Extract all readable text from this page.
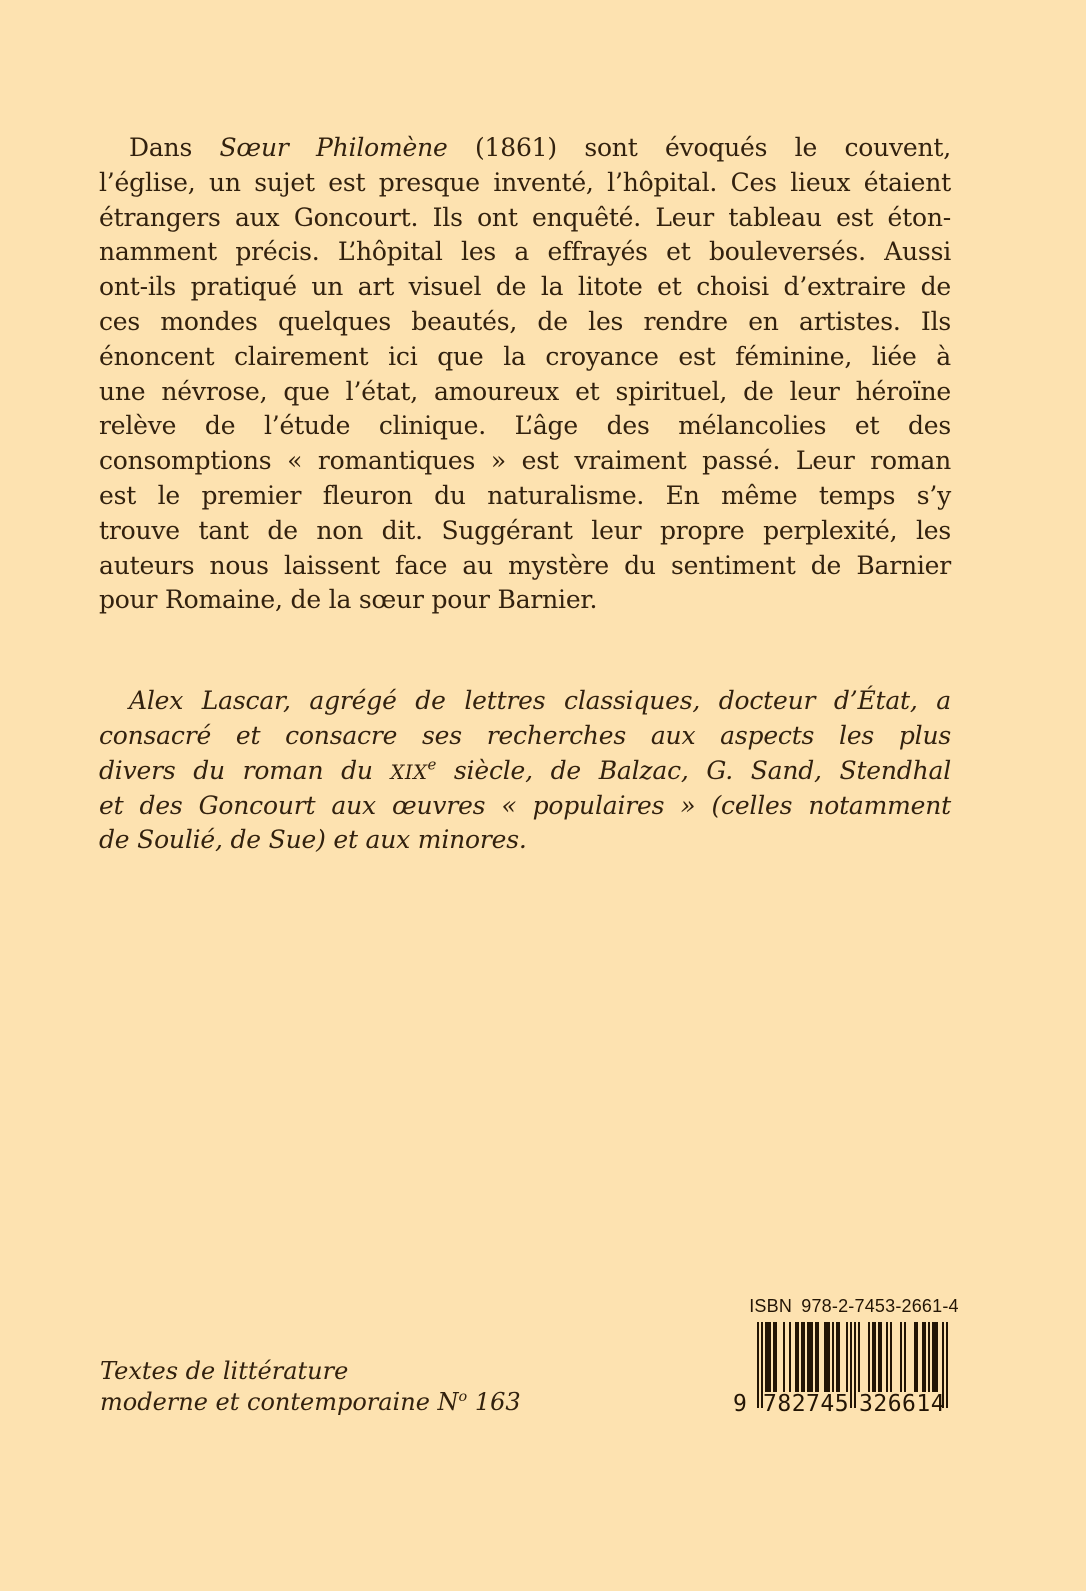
Dans Sœur Philomène (1861) sont évoqués le couvent,
l’église, un sujet est presque inventé, l’hôpital. Ces lieux étaient
étrangers aux Goncourt. Ils ont enquêté. Leur tableau est éton-
namment précis. L’hôpital les a effrayés et bouleversés. Aussi
ont-ils pratiqué un art visuel de la litote et choisi d’extraire de
ces mondes quelques beautés, de les rendre en artistes. Ils
énoncent clairement ici que la croyance est féminine, liée à
une névrose, que l’état, amoureux et spirituel, de leur héroïne
relève de l’étude clinique. L’âge des mélancolies et des
consomptions « romantiques » est vraiment passé. Leur roman
est le premier fleuron du naturalisme. En même temps s’y
trouve tant de non dit. Suggérant leur propre perplexité, les
auteurs nous laissent face au mystère du sentiment de Barnier
pour Romaine, de la sœur pour Barnier.
Alex Lascar, agrégé de lettres classiques, docteur d’État, a
consacré et consacre ses recherches aux aspects les plus
divers du roman du XIXe siècle, de Balzac, G. Sand, Stendhal
et des Goncourt aux œuvres « populaires » (celles notamment
de Soulié, de Sue) et aux minores.
Textes de littérature
moderne et contemporaine $N^o$ 163
ISBN 978-2-7453-2661-4
9 782745 326614
